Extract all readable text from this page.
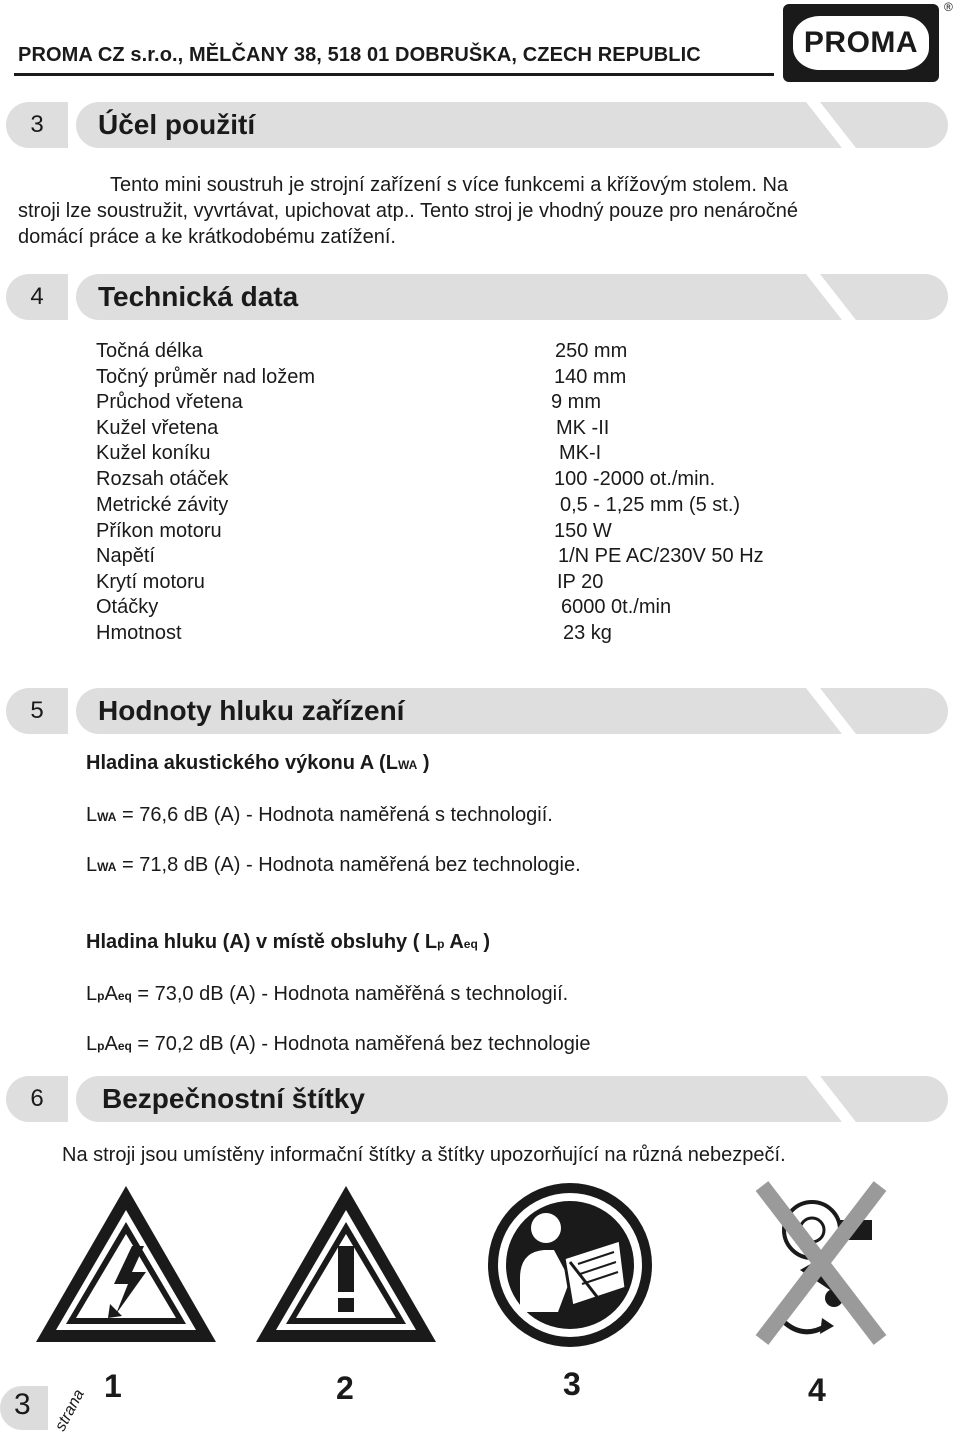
PROMA CZ s.r.o., MĚLČANY 38, 518 01 DOBRUŠKA, CZECH REPUBLIC	PROMA
®
3	Účel použití
Tento mini soustruh je strojní zařízení s více funkcemi a křížovým stolem. Na
stroji lze soustružit, vyvrtávat, upichovat atp.. Tento stroj je vhodný pouze pro nenáročné
domácí práce a ke krátkodobému zatížení.
4	Technická data
Točná délka	250 mm
Točný průměr nad ložem	140 mm
Průchod vřetena	9 mm
Kužel vřetena	MK -II
Kužel koníku	MK-I
Rozsah otáček	100 -2000 ot./min.
Metrické závity	0,5 - 1,25 mm (5 st.)
Příkon motoru	150 W
Napětí	1/N PE AC/230V 50 Hz
Krytí motoru	IP 20
Otáčky	6000 0t./min
Hmotnost	23 kg
5	Hodnoty hluku zařízení
Hladina akustického výkonu A (LWA )
LWA = 76,6 dB (A) - Hodnota naměřená s technologií.
LWA = 71,8 dB (A) - Hodnota naměřená bez technologie.
Hladina hluku (A) v místě obsluhy ( Lp Aeq )
LpAeq = 73,0 dB (A) - Hodnota naměřěná s technologií.
LpAeq = 70,2 dB (A) - Hodnota naměřená bez technologie
6	Bezpečnostní štítky
Na stroji jsou umístěny informační štítky a štítky upozorňující na různá nebezpečí.
1	2	3	4
3 strana
